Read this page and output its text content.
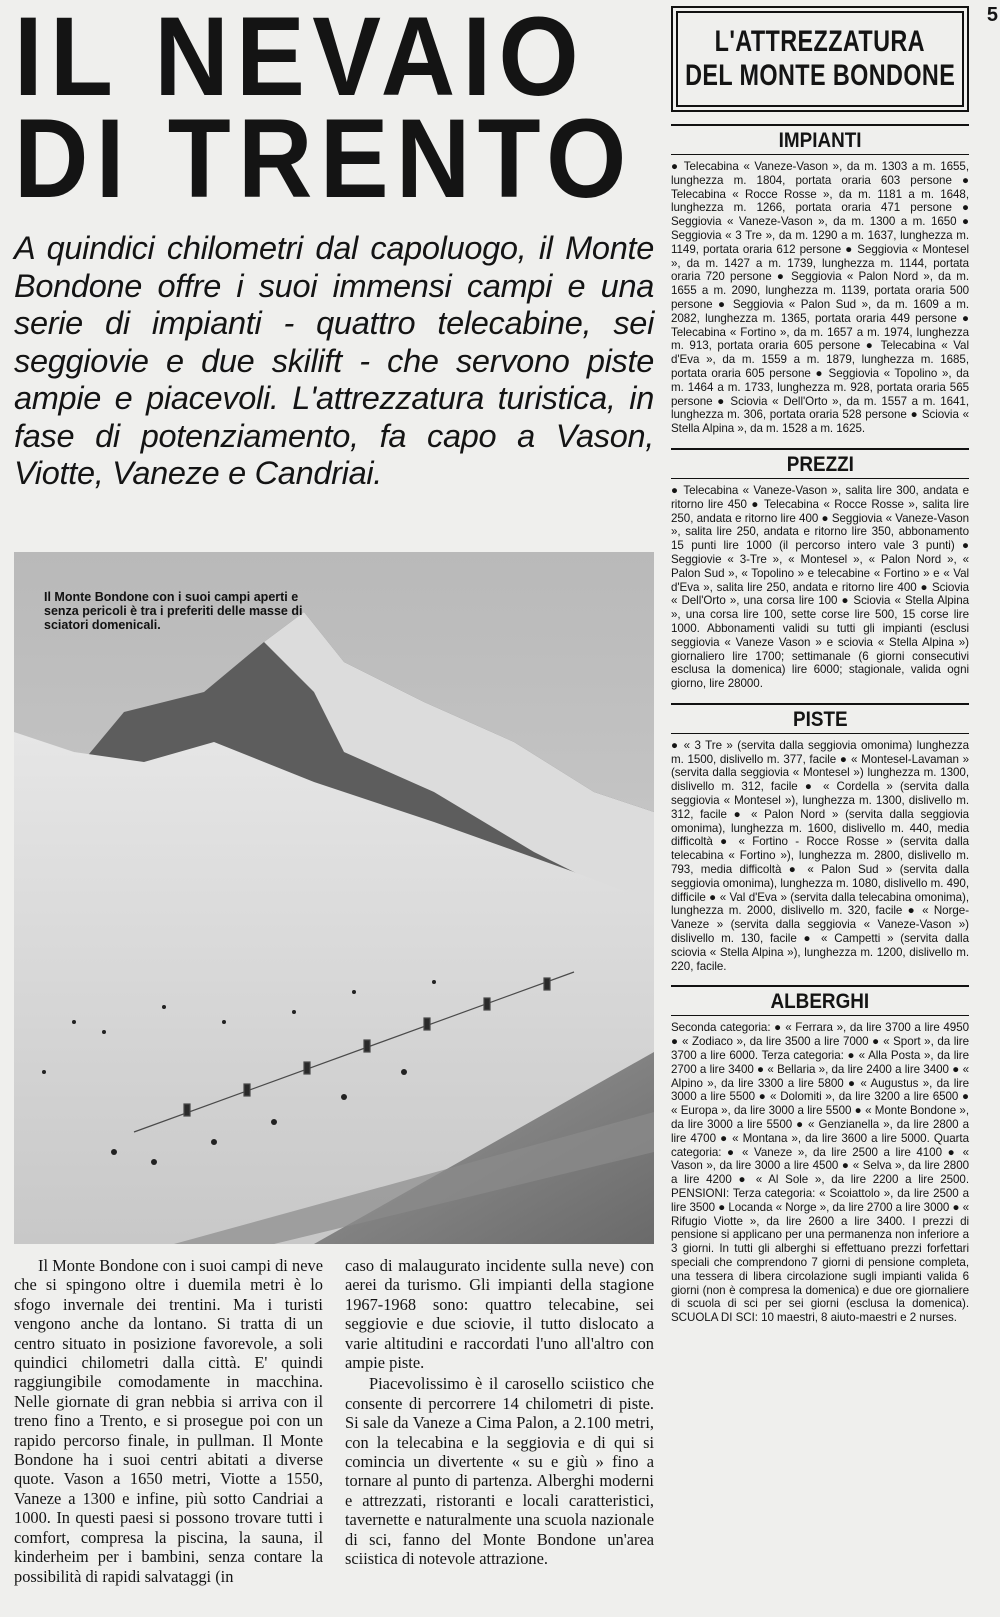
5
IL NEVAIO
DI TRENTO

A quindici chilometri dal capoluogo, il Monte Bondone offre i suoi immensi campi e una serie di impianti - quattro telecabine, sei seggiovie e due skilift - che servono piste ampie e piacevoli. L'attrezzatura turistica, in fase di potenziamento, fa capo a Vason, Viotte, Vaneze e Candriai.

Il Monte Bondone con i suoi campi aperti e senza pericoli è tra i preferiti delle masse di sciatori domenicali.

Il Monte Bondone con i suoi campi di neve che si spingono oltre i duemila metri è lo sfogo invernale dei trentini. Ma i turisti vengono anche da lontano. Si tratta di un centro situato in posizione favorevole, a soli quindici chilometri dalla città. E' quindi raggiungibile comodamente in macchina. Nelle giornate di gran nebbia si arriva con il treno fino a Trento, e si prosegue poi con un rapido percorso finale, in pullman. Il Monte Bondone ha i suoi centri abitati a diverse quote. Vason a 1650 metri, Viotte a 1550, Vaneze a 1300 e infine, più sotto Candriai a 1000. In questi paesi si possono trovare tutti i comfort, compresa la piscina, la sauna, il kinderheim per i bambini, senza contare la possibilità di rapidi salvataggi (in

caso di malaugurato incidente sulla neve) con aerei da turismo. Gli impianti della stagione 1967-1968 sono: quattro telecabine, sei seggiovie e due sciovie, il tutto dislocato a varie altitudini e raccordati l'uno all'altro con ampie piste.

Piacevolissimo è il carosello sciistico che consente di percorrere 14 chilometri di piste. Si sale da Vaneze a Cima Palon, a 2.100 metri, con la telecabina e la seggiovia e di qui si comincia un divertente « su e giù » fino a tornare al punto di partenza. Alberghi moderni e attrezzati, ristoranti e locali caratteristici, tavernette e naturalmente una scuola nazionale di sci, fanno del Monte Bondone un'area sciistica di notevole attrazione.

L'ATTREZZATURA
DEL MONTE BONDONE
IMPIANTI
● Telecabina « Vaneze-Vason », da m. 1303 a m. 1655, lunghezza m. 1804, portata oraria 603 persone ● Telecabina « Rocce Rosse », da m. 1181 a m. 1648, lunghezza m. 1266, portata oraria 471 persone ● Seggiovia « Vaneze-Vason », da m. 1300 a m. 1650 ● Seggiovia « 3 Tre », da m. 1290 a m. 1637, lunghezza m. 1149, portata oraria 612 persone ● Seggiovia « Montesel », da m. 1427 a m. 1739, lunghezza m. 1144, portata oraria 720 persone ● Seggiovia « Palon Nord », da m. 1655 a m. 2090, lunghezza m. 1139, portata oraria 500 persone ● Seggiovia « Palon Sud », da m. 1609 a m. 2082, lunghezza m. 1365, portata oraria 449 persone ● Telecabina « Fortino », da m. 1657 a m. 1974, lunghezza m. 913, portata oraria 605 persone ● Telecabina « Val d'Eva », da m. 1559 a m. 1879, lunghezza m. 1685, portata oraria 605 persone ● Seggiovia « Topolino », da m. 1464 a m. 1733, lunghezza m. 928, portata oraria 565 persone ● Sciovia « Dell'Orto », da m. 1557 a m. 1641, lunghezza m. 306, portata oraria 528 persone ● Sciovia « Stella Alpina », da m. 1528 a m. 1625.
PREZZI
● Telecabina « Vaneze-Vason », salita lire 300, andata e ritorno lire 450 ● Telecabina « Rocce Rosse », salita lire 250, andata e ritorno lire 400 ● Seggiovia « Vaneze-Vason », salita lire 250, andata e ritorno lire 350, abbonamento 15 punti lire 1000 (il percorso intero vale 3 punti) ● Seggiovie « 3-Tre », « Montesel », « Palon Nord », « Palon Sud », « Topolino » e telecabine « Fortino » e « Val d'Eva », salita lire 250, andata e ritorno lire 400 ● Sciovia « Dell'Orto », una corsa lire 100 ● Sciovia « Stella Alpina », una corsa lire 100, sette corse lire 500, 15 corse lire 1000. Abbonamenti validi su tutti gli impianti (esclusi seggiovia « Vaneze Vason » e sciovia « Stella Alpina ») giornaliero lire 1700; settimanale (6 giorni consecutivi esclusa la domenica) lire 6000; stagionale, valida ogni giorno, lire 28000.
PISTE
● « 3 Tre » (servita dalla seggiovia omonima) lunghezza m. 1500, dislivello m. 377, facile ● « Montesel-Lavaman » (servita dalla seggiovia « Montesel ») lunghezza m. 1300, dislivello m. 312, facile ● « Cordella » (servita dalla seggiovia « Montesel »), lunghezza m. 1300, dislivello m. 312, facile ● « Palon Nord » (servita dalla seggiovia omonima), lunghezza m. 1600, dislivello m. 440, media difficoltà ● « Fortino - Rocce Rosse » (servita dalla telecabina « Fortino »), lunghezza m. 2800, dislivello m. 793, media difficoltà ● « Palon Sud » (servita dalla seggiovia omonima), lunghezza m. 1080, dislivello m. 490, difficile ● « Val d'Eva » (servita dalla telecabina omonima), lunghezza m. 2000, dislivello m. 320, facile ● « Norge-Vaneze » (servita dalla seggiovia « Vaneze-Vason ») dislivello m. 130, facile ● « Campetti » (servita dalla sciovia « Stella Alpina »), lunghezza m. 1200, dislivello m. 220, facile.
ALBERGHI
Seconda categoria: ● « Ferrara », da lire 3700 a lire 4950 ● « Zodiaco », da lire 3500 a lire 7000 ● « Sport », da lire 3700 a lire 6000. Terza categoria: ● « Alla Posta », da lire 2700 a lire 3400 ● « Bellaria », da lire 2400 a lire 3400 ● « Alpino », da lire 3300 a lire 5800 ● « Augustus », da lire 3000 a lire 5500 ● « Dolomiti », da lire 3200 a lire 6500 ● « Europa », da lire 3000 a lire 5500 ● « Monte Bondone », da lire 3000 a lire 5500 ● « Genzianella », da lire 2800 a lire 4700 ● « Montana », da lire 3600 a lire 5000. Quarta categoria: ● « Vaneze », da lire 2500 a lire 4100 ● « Vason », da lire 3000 a lire 4500 ● « Selva », da lire 2800 a lire 4200 ● « Al Sole », da lire 2200 a lire 2500. PENSIONI: Terza categoria: « Scoiattolo », da lire 2500 a lire 3500 ● Locanda « Norge », da lire 2700 a lire 3000 ● « Rifugio Viotte », da lire 2600 a lire 3400. I prezzi di pensione si applicano per una permanenza non inferiore a 3 giorni. In tutti gli alberghi si effettuano prezzi forfettari speciali che comprendono 7 giorni di pensione completa, una tessera di libera circolazione sugli impianti valida 6 giorni (non è compresa la domenica) e due ore giornaliere di scuola di sci per sei giorni (esclusa la domenica). SCUOLA DI SCI: 10 maestri, 8 aiuto-maestri e 2 nurses.
